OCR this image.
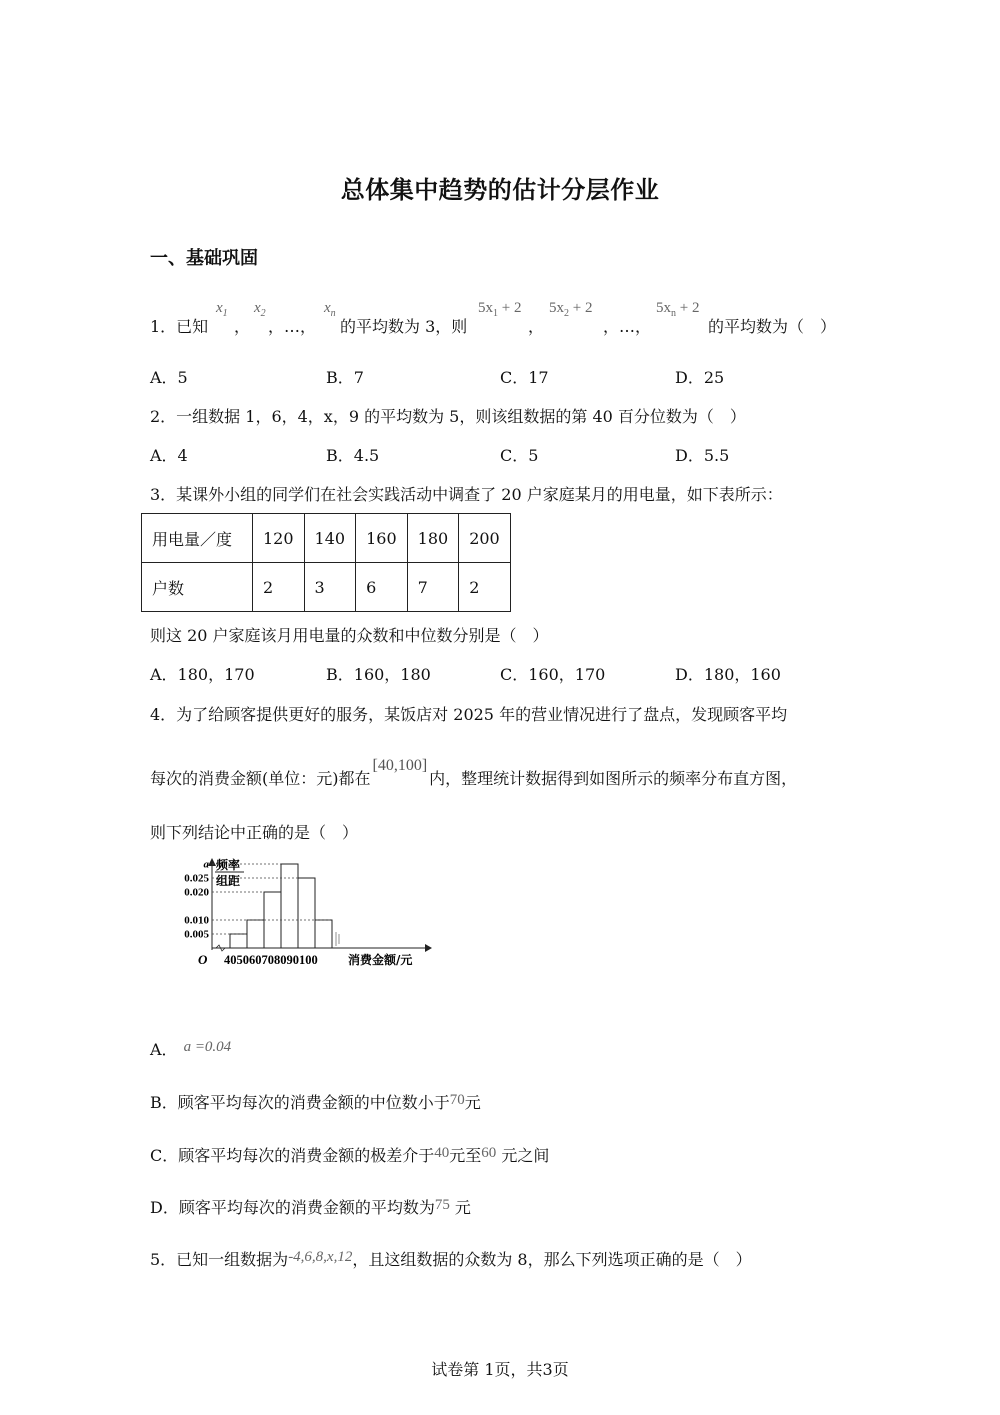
总体集中趋势的估计分层作业
一、基础巩固
1．已知
$x_1$
，
$x_2$
，…，
$x_n$
的平均数为 3，则
$5x_1 + 2$
，
$5x_2 + 2$
，…，
$5x_n + 2$
的平均数为（　）
A．5	B．7	C．17	D．25
2．一组数据 1，6，4，x，9 的平均数为 5，则该组数据的第 40 百分位数为（　）
A．4	B．4.5	C．5	D．5.5
3．某课外小组的同学们在社会实践活动中调查了 20 户家庭某月的用电量，如下表所示：
用电量／度	120	140	160	180	200
户数	2	3	6	7	2
则这 20 户家庭该月用电量的众数和中位数分别是（　）
A．180，170	B．160，180	C．160，170	D．180，160
4．为了给顾客提供更好的服务，某饭店对 2025 年的营业情况进行了盘点，发现顾客平均
每次的消费金额(单位：元)都在[40,100]内，整理统计数据得到如图所示的频率分布直方图，
则下列结论中正确的是（　）
频率
组距
0.005
0.010
0.020
0.025
a
O 405060708090100	消费金额/元
A． a =0.04
B．顾客平均每次的消费金额的中位数小于70元
C．顾客平均每次的消费金额的极差介于40元至60 元之间
D．顾客平均每次的消费金额的平均数为75 元
5．已知一组数据为-4,6,8,x,12，且这组数据的众数为 8，那么下列选项正确的是（　）
试卷第 1页，共3页
